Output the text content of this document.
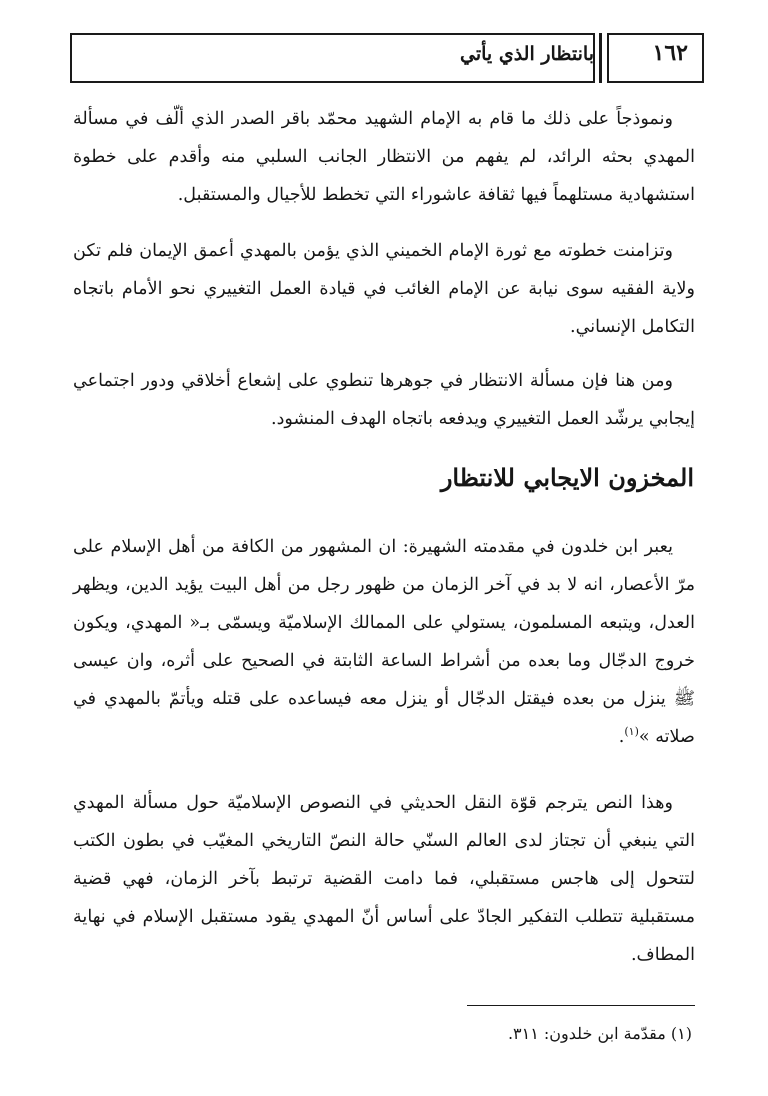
بانتظار الذي يأتي	١٦٢

ونموذجاً على ذلك ما قام به الإمام الشهيد محمّد باقر الصدر الذي ألّف في مسألة المهدي بحثه الرائد، لم يفهم من الانتظار الجانب السلبي منه وأقدم على خطوة استشهادية مستلهماً فيها ثقافة عاشوراء التي تخطط للأجيال والمستقبل.

وتزامنت خطوته مع ثورة الإمام الخميني الذي يؤمن بالمهدي أعمق الإيمان فلم تكن ولاية الفقيه سوى نيابة عن الإمام الغائب في قيادة العمل التغييري نحو الأمام باتجاه التكامل الإنساني.

ومن هنا فإن مسألة الانتظار في جوهرها تنطوي على إشعاع أخلاقي ودور اجتماعي إيجابي يرشّد العمل التغييري ويدفعه باتجاه الهدف المنشود.

المخزون الايجابي للانتظار

يعبر ابن خلدون في مقدمته الشهيرة: ان المشهور من الكافة من أهل الإسلام على مرّ الأعصار، انه لا بد في آخر الزمان من ظهور رجل من أهل البيت يؤيد الدين، ويظهر العدل، ويتبعه المسلمون، يستولي على الممالك الإسلاميّة ويسمّى بـ« المهدي، ويكون خروج الدجّال وما بعده من أشراط الساعة الثابتة في الصحيح على أثره، وان عيسى ﷺ ينزل من بعده فيقتل الدجّال أو ينزل معه فيساعده على قتله ويأتمّ بالمهدي في صلاته »$^{(١)}$.

وهذا النص يترجم قوّة النقل الحديثي في النصوص الإسلاميّة حول مسألة المهدي التي ينبغي أن تجتاز لدى العالم السنّي حالة النصّ التاريخي المغيّب في بطون الكتب لتتحول إلى هاجس مستقبلي، فما دامت القضية ترتبط بآخر الزمان، فهي قضية مستقبلية تتطلب التفكير الجادّ على أساس أنّ المهدي يقود مستقبل الإسلام في نهاية المطاف.

(١) مقدّمة ابن خلدون: ٣١١.
